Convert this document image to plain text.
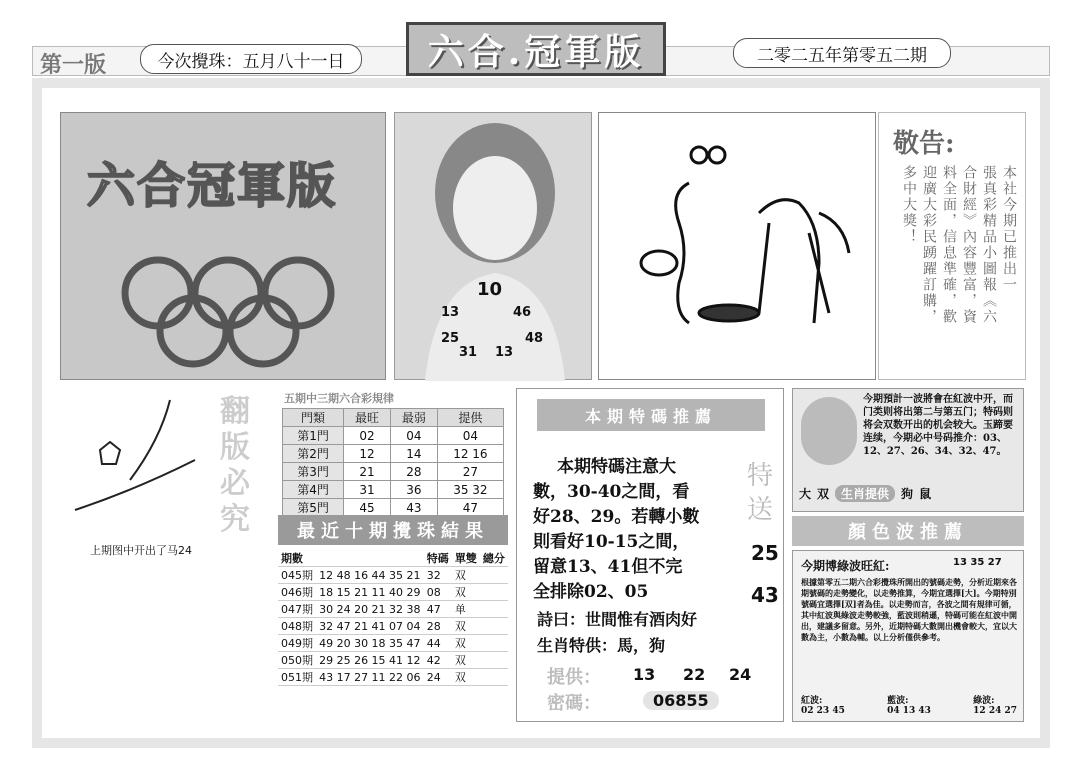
第一版	今次攪珠：五月八十一日	六合.冠軍版	二零二五年第零五二期
六合冠軍版
10
13	46
25	48
31 13
敬告:
本社今期已推出一
張真彩精品小圖報《六
合財經》內容豐富，資
料全面，信息準確，歡
迎廣大彩民踴躍訂購，
多中大獎！
翻版必究
上期图中开出了马24
五期中三期六合彩規律
門類	最旺	最弱	提供
第1門	02	04	04
第2門	12	14	12 16
第3門	21	28	27
第4門	31	36	35 32
第5門	45	43	47
最近十期攪珠結果
期數		特碼	單雙	總分
045期	12 48 16 44 35 21	32	双	
046期	18 15 21 11 40 29	08	双	
047期	30 24 20 21 32 38	47	单	
048期	32 47 21 41 07 04	28	双	
049期	49 20 30 18 35 47	44	双	
050期	29 25 26 15 41 12	42	双	
051期	43 17 27 11 22 06	24	双	
本期特碼推薦
本期特碼注意大
數，30-40之間，看
好28、29。若轉小數
則看好10-15之間，
留意13、41但不完
全排除02、05
特送
25
43
詩曰：世間惟有酒肉好
生肖特供：馬，狗
提供： 13 22 24
密碼：	06855
今期預計一波將會在紅波中开，而门类则将出第二与第五门；特码则将会双数开出的机会较大。玉蹄要连续，今期必中号码推介：03、12、27、26、34、32、47。
大 双	生肖提供	狗 鼠
顏色波推薦
今期博綠波旺紅:	13 35 27
根據第零五二期六合彩攪珠所開出的號碼走勢，分析近期來各期號碼的走勢變化，以走勢推算，今期宜選擇[大]。今期特別號碼宜選擇[双]者為佳。以走勢而言，各波之間有規律可循，其中紅波與綠波走勢較強，藍波則稍遜，特碼可能在紅波中開出，建議多留意。另外，近期特碼大數開出機會較大，宜以大數為主，小數為輔。以上分析僅供參考。
紅波:
02 23 45
藍波:
04 13 43
綠波:
12 24 27
